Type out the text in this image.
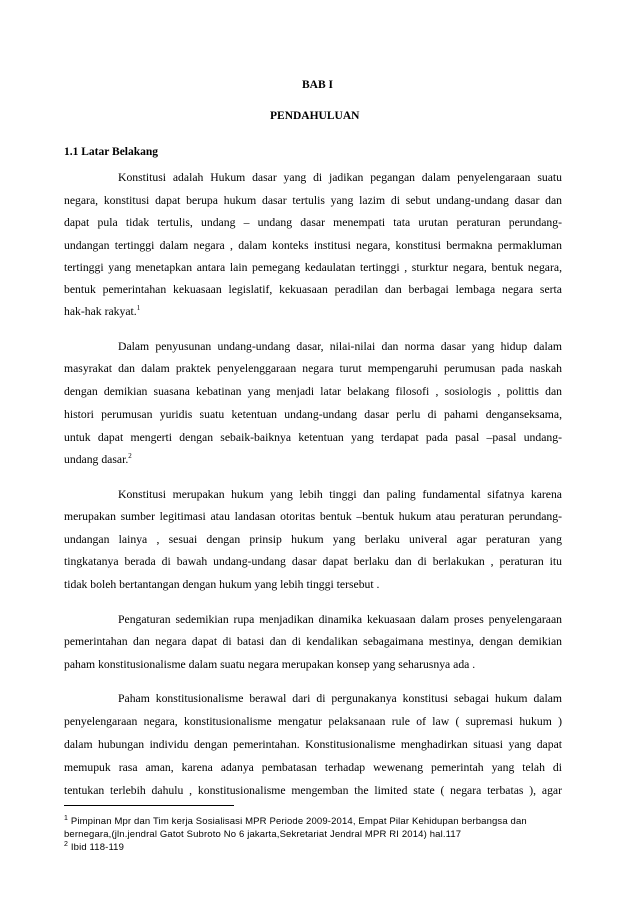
BAB I
PENDAHULUAN
1.1 Latar Belakang
Konstitusi adalah Hukum dasar yang di jadikan pegangan dalam penyelengaraan suatu
negara, konstitusi dapat berupa hukum dasar tertulis yang lazim di sebut undang-undang dasar dan
dapat pula tidak tertulis, undang – undang dasar menempati tata urutan peraturan perundang-
undangan tertinggi dalam negara , dalam konteks institusi negara, konstitusi bermakna permakluman
tertinggi yang menetapkan antara lain pemegang kedaulatan tertinggi , sturktur negara, bentuk negara,
bentuk pemerintahan kekuasaan legislatif, kekuasaan peradilan dan berbagai lembaga negara serta
hak-hak rakyat.$^1$
Dalam penyusunan undang-undang dasar, nilai-nilai dan norma dasar yang hidup dalam
masyrakat dan dalam praktek penyelenggaraan negara turut mempengaruhi perumusan pada naskah
dengan demikian suasana kebatinan yang menjadi latar belakang filosofi , sosiologis , polittis dan
histori perumusan yuridis suatu ketentuan undang-undang dasar perlu di pahami denganseksama,
untuk dapat mengerti dengan sebaik-baiknya ketentuan yang terdapat pada pasal –pasal undang-
undang dasar.$^2$
Konstitusi merupakan hukum yang lebih tinggi dan paling fundamental sifatnya karena
merupakan sumber legitimasi atau landasan otoritas bentuk –bentuk hukum atau peraturan perundang-
undangan lainya , sesuai dengan prinsip hukum yang berlaku univeral agar peraturan yang
tingkatanya berada di bawah undang-undang dasar dapat berlaku dan di berlakukan , peraturan itu
tidak boleh bertantangan dengan hukum yang lebih tinggi tersebut .
Pengaturan sedemikian rupa menjadikan dinamika kekuasaan dalam proses penyelengaraan
pemerintahan dan negara dapat di batasi dan di kendalikan sebagaimana mestinya, dengan demikian
paham konstitusionalisme dalam suatu negara merupakan konsep yang seharusnya ada .
Paham konstitusionalisme berawal dari di pergunakanya konstitusi sebagai hukum dalam
penyelengaraan negara, konstitusionalisme mengatur pelaksanaan rule of law ( supremasi hukum )
dalam hubungan individu dengan pemerintahan. Konstitusionalisme menghadirkan situasi yang dapat
memupuk rasa aman, karena adanya pembatasan terhadap wewenang pemerintah yang telah di
tentukan terlebih dahulu , konstitusionalisme mengemban the limited state ( negara terbatas ), agar
$^1$ Pimpinan Mpr dan Tim kerja Sosialisasi MPR Periode 2009-2014, Empat Pilar Kehidupan berbangsa dan
bernegara,(jln.jendral Gatot Subroto No 6 jakarta,Sekretariat Jendral MPR RI 2014) hal.117
$^2$ Ibid 118-119
